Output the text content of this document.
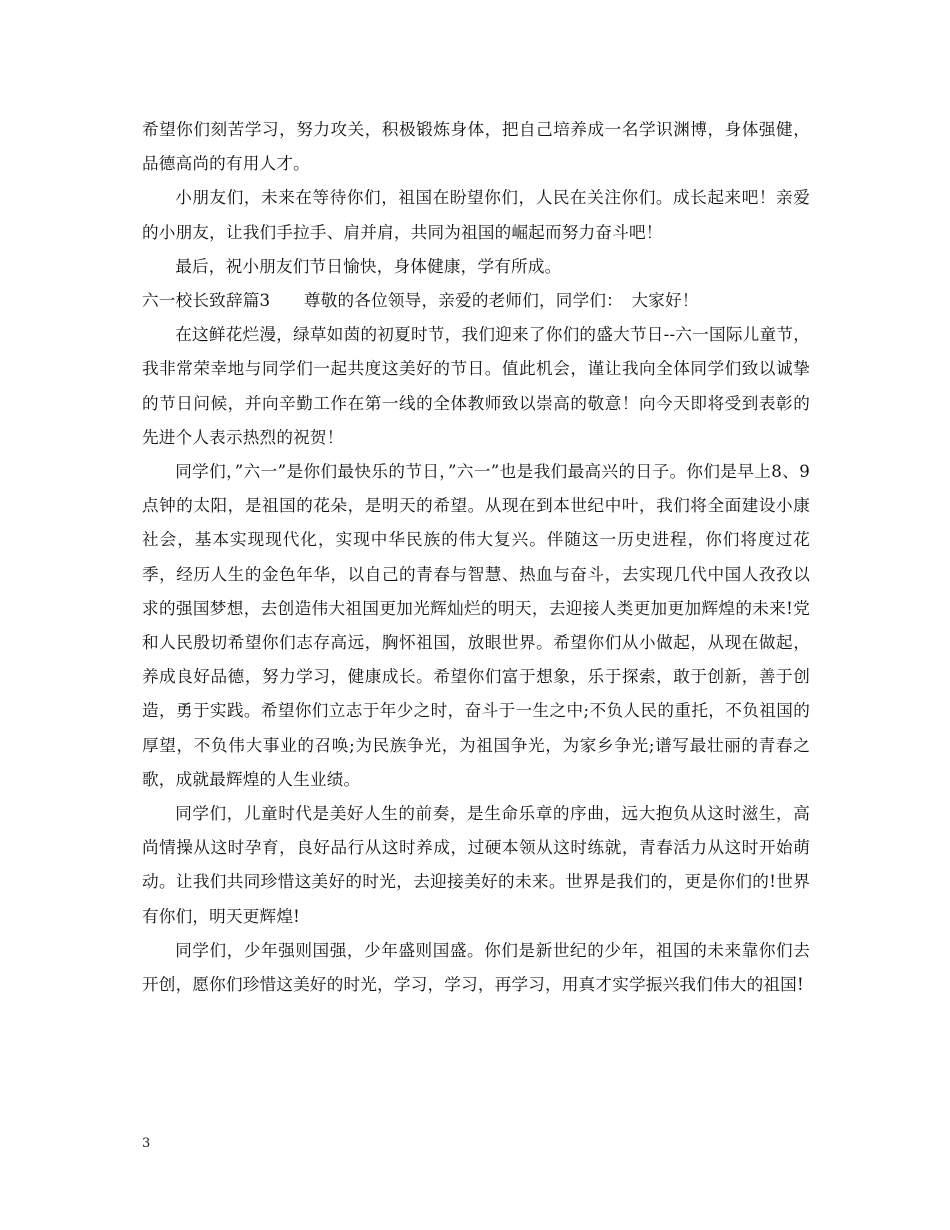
希望你们刻苦学习，努力攻关，积极锻炼身体，把自己培养成一名学识渊博，身体强健，品德高尚的有用人才。

小朋友们，未来在等待你们，祖国在盼望你们，人民在关注你们。成长起来吧！亲爱的小朋友，让我们手拉手、肩并肩，共同为祖国的崛起而努力奋斗吧！

最后，祝小朋友们节日愉快，身体健康，学有所成。

六一校长致辞篇3　　尊敬的各位领导，亲爱的老师们，同学们：　大家好！

在这鲜花烂漫，绿草如茵的初夏时节，我们迎来了你们的盛大节日--六一国际儿童节，我非常荣幸地与同学们一起共度这美好的节日。值此机会，谨让我向全体同学们致以诚挚的节日问候，并向辛勤工作在第一线的全体教师致以崇高的敬意！向今天即将受到表彰的先进个人表示热烈的祝贺！

同学们，”六一”是你们最快乐的节日，”六一”也是我们最高兴的日子。你们是早上8、9点钟的太阳，是祖国的花朵，是明天的希望。从现在到本世纪中叶，我们将全面建设小康社会，基本实现现代化，实现中华民族的伟大复兴。伴随这一历史进程，你们将度过花季，经历人生的金色年华，以自己的青春与智慧、热血与奋斗，去实现几代中国人孜孜以求的强国梦想，去创造伟大祖国更加光辉灿烂的明天，去迎接人类更加更加辉煌的未来!党和人民殷切希望你们志存高远，胸怀祖国，放眼世界。希望你们从小做起，从现在做起，养成良好品德，努力学习，健康成长。希望你们富于想象，乐于探索，敢于创新，善于创造，勇于实践。希望你们立志于年少之时，奋斗于一生之中;不负人民的重托，不负祖国的厚望，不负伟大事业的召唤;为民族争光，为祖国争光，为家乡争光;谱写最壮丽的青春之歌，成就最辉煌的人生业绩。

同学们，儿童时代是美好人生的前奏，是生命乐章的序曲，远大抱负从这时滋生，高尚情操从这时孕育，良好品行从这时养成，过硬本领从这时练就，青春活力从这时开始萌动。让我们共同珍惜这美好的时光，去迎接美好的未来。世界是我们的，更是你们的!世界有你们，明天更辉煌!

同学们，少年强则国强，少年盛则国盛。你们是新世纪的少年，祖国的未来靠你们去开创，愿你们珍惜这美好的时光，学习，学习，再学习，用真才实学振兴我们伟大的祖国!

3
